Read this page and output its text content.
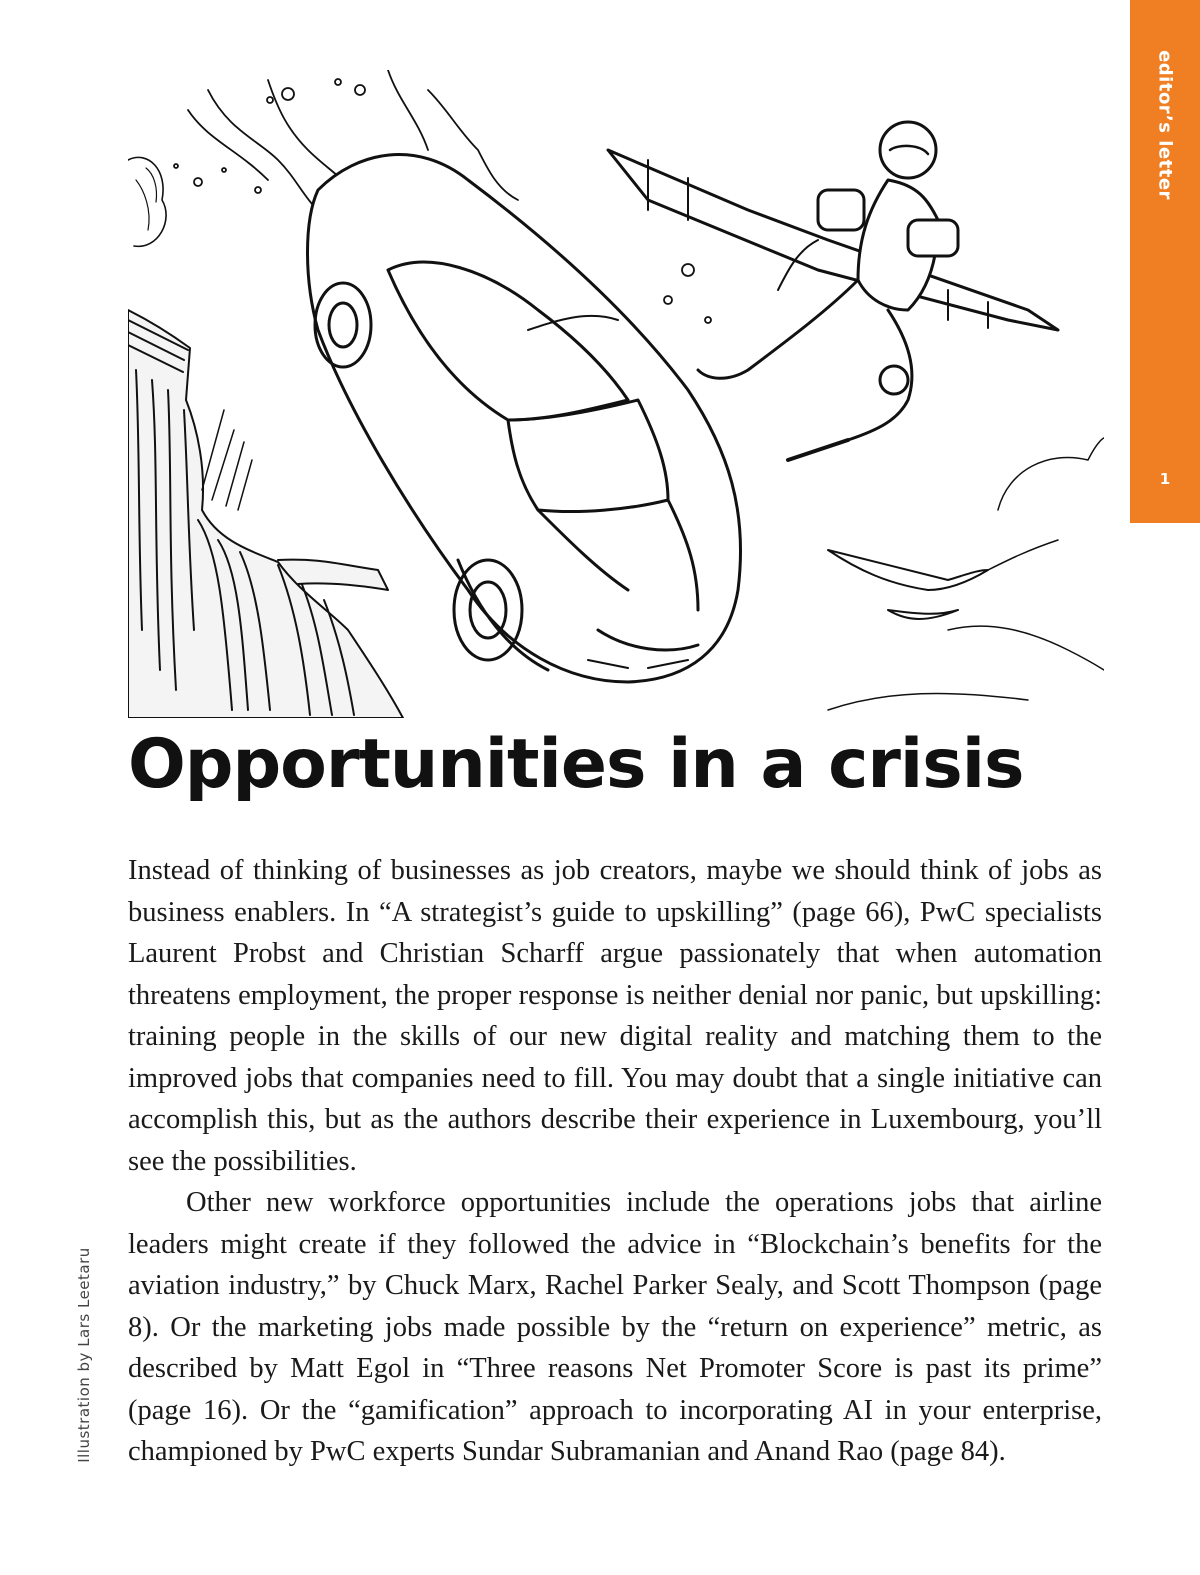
editor’s letter
1
Opportunities in a crisis

Instead of thinking of businesses as job creators, maybe we should think of jobs as business enablers. In “A strategist’s guide to upskilling” (page 66), PwC specialists Laurent Probst and Christian Scharff argue passionately that when automation threatens employment, the proper response is neither denial nor panic, but upskilling: training people in the skills of our new digital reality and matching them to the improved jobs that companies need to fill. You may doubt that a single initiative can accomplish this, but as the authors describe their experience in Luxembourg, you’ll see the possibilities.

Other new workforce opportunities include the operations jobs that airline leaders might create if they followed the advice in “Blockchain’s benefits for the aviation industry,” by Chuck Marx, Rachel Parker Sealy, and Scott Thompson (page 8). Or the marketing jobs made possible by the “return on experience” metric, as described by Matt Egol in “Three reasons Net Promoter Score is past its prime” (page 16). Or the “gamification” approach to incorporating AI in your enterprise, championed by PwC experts Sundar Subramanian and Anand Rao (page 84).

Illustration by Lars Leetaru
